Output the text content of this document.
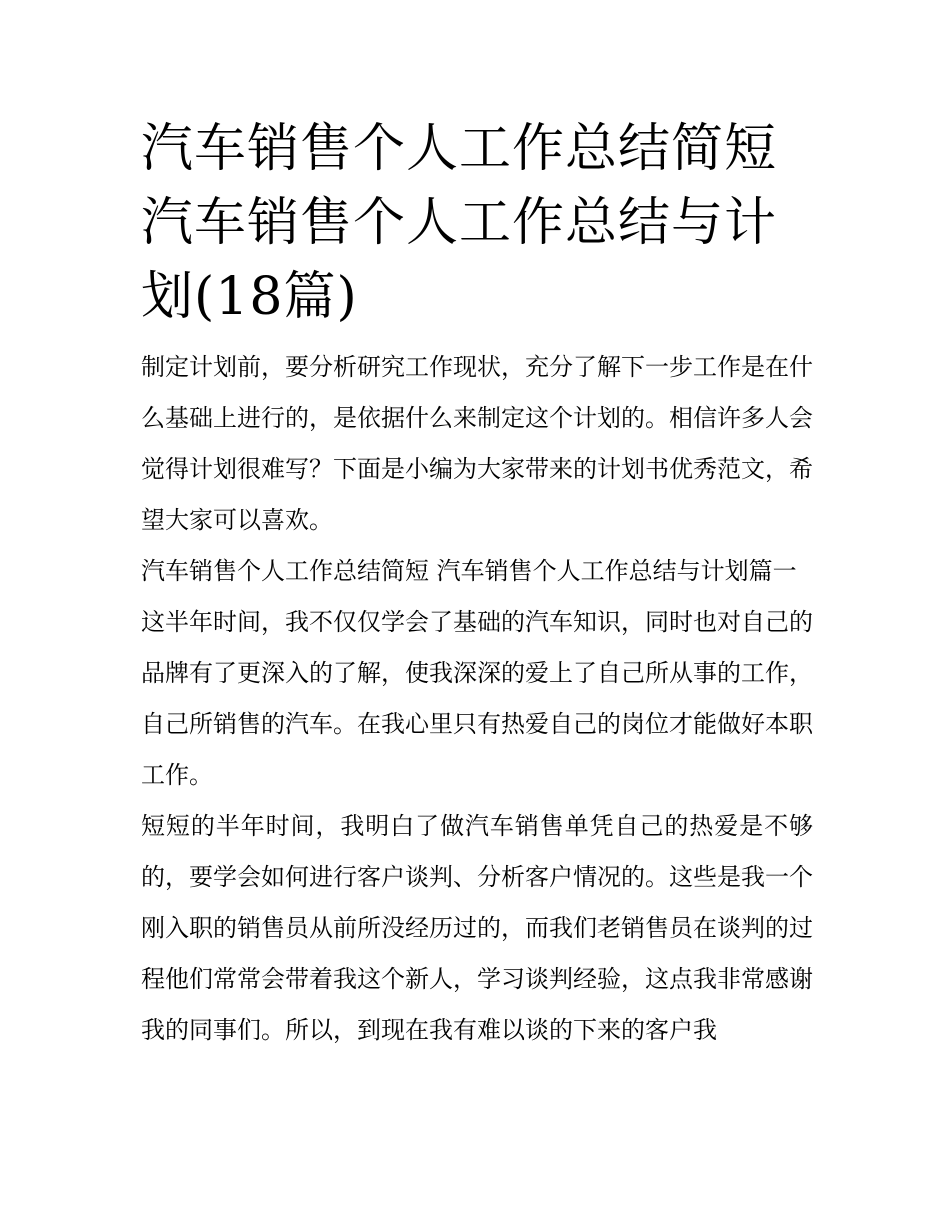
汽车销售个人工作总结简短 汽车销售个人工作总结与计划(18篇)

制定计划前，要分析研究工作现状，充分了解下一步工作是在什么基础上进行的，是依据什么来制定这个计划的。相信许多人会觉得计划很难写？下面是小编为大家带来的计划书优秀范文，希望大家可以喜欢。

汽车销售个人工作总结简短 汽车销售个人工作总结与计划篇一

这半年时间，我不仅仅学会了基础的汽车知识，同时也对自己的品牌有了更深入的了解，使我深深的爱上了自己所从事的工作，自己所销售的汽车。在我心里只有热爱自己的岗位才能做好本职工作。

短短的半年时间，我明白了做汽车销售单凭自己的热爱是不够的，要学会如何进行客户谈判、分析客户情况的。这些是我一个刚入职的销售员从前所没经历过的，而我们老销售员在谈判的过程他们常常会带着我这个新人，学习谈判经验，这点我非常感谢我的同事们。所以，到现在我有难以谈的下来的客户我
